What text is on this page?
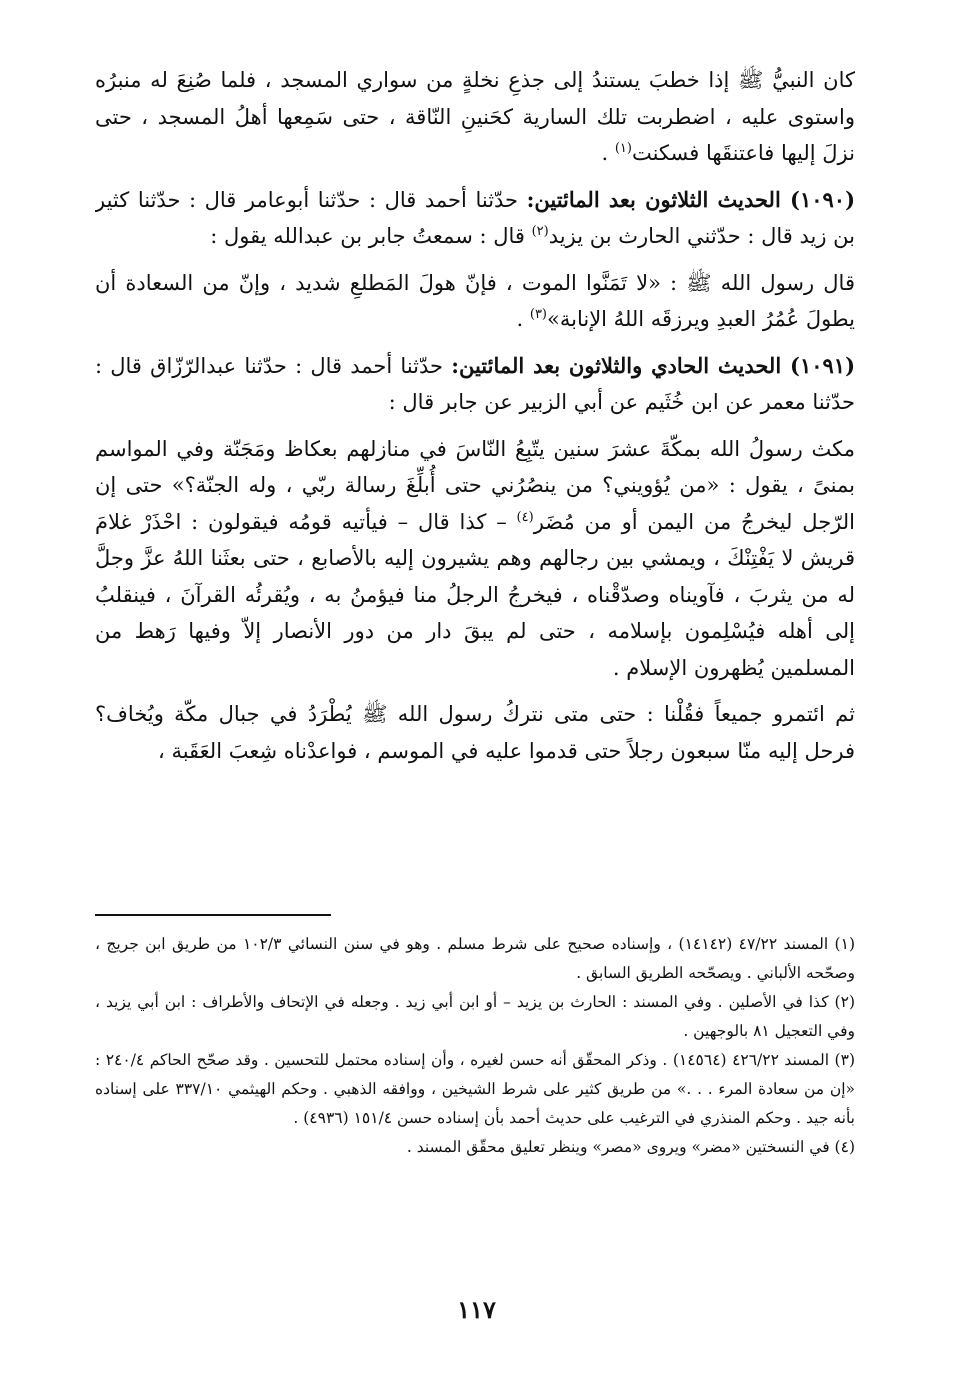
كان النبيُّ ﷺ إذا خطبَ يستندُ إلى جذعِ نخلةٍ من سواري المسجد ، فلما صُنِعَ له منبرُه واستوى عليه ، اضطربت تلك السارية كحَنينِ النّاقة ، حتى سَمِعها أهلُ المسجد ، حتى نزلَ إليها فاعتنقَها فسكنت$^{(١)}$ .

(١٠٩٠) الحديث الثلاثون بعد المائتين: حدّثنا أحمد قال : حدّثنا أبوعامر قال : حدّثنا كثير بن زيد قال : حدّثني الحارث بن يزيد$^{(٢)}$ قال : سمعتُ جابر بن عبدالله يقول :

قال رسول الله ﷺ : «لا تَمَنَّوا الموت ، فإنّ هولَ المَطلعِ شديد ، وإنّ من السعادة أن يطولَ عُمُرُ العبدِ ويرزقَه اللهُ الإنابة»$^{(٣)}$ .

(١٠٩١) الحديث الحادي والثلاثون بعد المائتين: حدّثنا أحمد قال : حدّثنا عبدالرّزّاق قال : حدّثنا معمر عن ابن خُثَيم عن أبي الزبير عن جابر قال :

مكث رسولُ الله بمكّةَ عشرَ سنين يتّبِعُ النّاسَ في منازلهم بعكاظ ومَجَنّة وفي المواسم بمنىً ، يقول : «من يُؤويني؟ من ينصُرُني حتى أُبلِّغَ رسالة ربّي ، وله الجنّة؟» حتى إن الرّجل ليخرجُ من اليمن أو من مُضَر$^{(٤)}$ – كذا قال – فيأتيه قومُه فيقولون : احْذَرْ غلامَ قريش لا يَفْتِنْكَ ، ويمشي بين رجالهم وهم يشيرون إليه بالأصابع ، حتى بعثَنا اللهُ عزَّ وجلَّ له من يثربَ ، فآويناه وصدّقْناه ، فيخرجُ الرجلُ منا فيؤمنُ به ، ويُقرئُه القرآنَ ، فينقلبُ إلى أهله فيُسْلِمون بإسلامه ، حتى لم يبقَ دار من دور الأنصار إلاّ وفيها رَهط من المسلمين يُظهرون الإسلام .

ثم ائتمرو جميعاً فقُلْنا : حتى متى نتركُ رسول الله ﷺ يُطْرَدُ في جبال مكّة ويُخاف؟ فرحل إليه منّا سبعون رجلاً حتى قدموا عليه في الموسم ، فواعدْناه شِعبَ العَقَبة ،

(١) المسند ٤٧/٢٢ (١٤١٤٢) ، وإسناده صحيح على شرط مسلم . وهو في سنن النسائي ١٠٢/٣ من طريق ابن جريج ، وصحّحه الألباني . ويصحّحه الطريق السابق .

(٢) كذا في الأصلين . وفي المسند : الحارث بن يزيد – أو ابن أبي زيد . وجعله في الإتحاف والأطراف : ابن أبي يزيد ، وفي التعجيل ٨١ بالوجهين .

(٣) المسند ٤٢٦/٢٢ (١٤٥٦٤) . وذكر المحقّق أنه حسن لغيره ، وأن إسناده محتمل للتحسين . وقد صحّح الحاكم ٢٤٠/٤ : «إن من سعادة المرء . . .» من طريق كثير على شرط الشيخين ، ووافقه الذهبي . وحكم الهيثمي ٣٣٧/١٠ على إسناده بأنه جيد . وحكم المنذري في الترغيب على حديث أحمد بأن إسناده حسن ١٥١/٤ (٤٩٣٦) .

(٤) في النسختين «مضر» ويروى «مصر» وينظر تعليق محقّق المسند .

١١٧
